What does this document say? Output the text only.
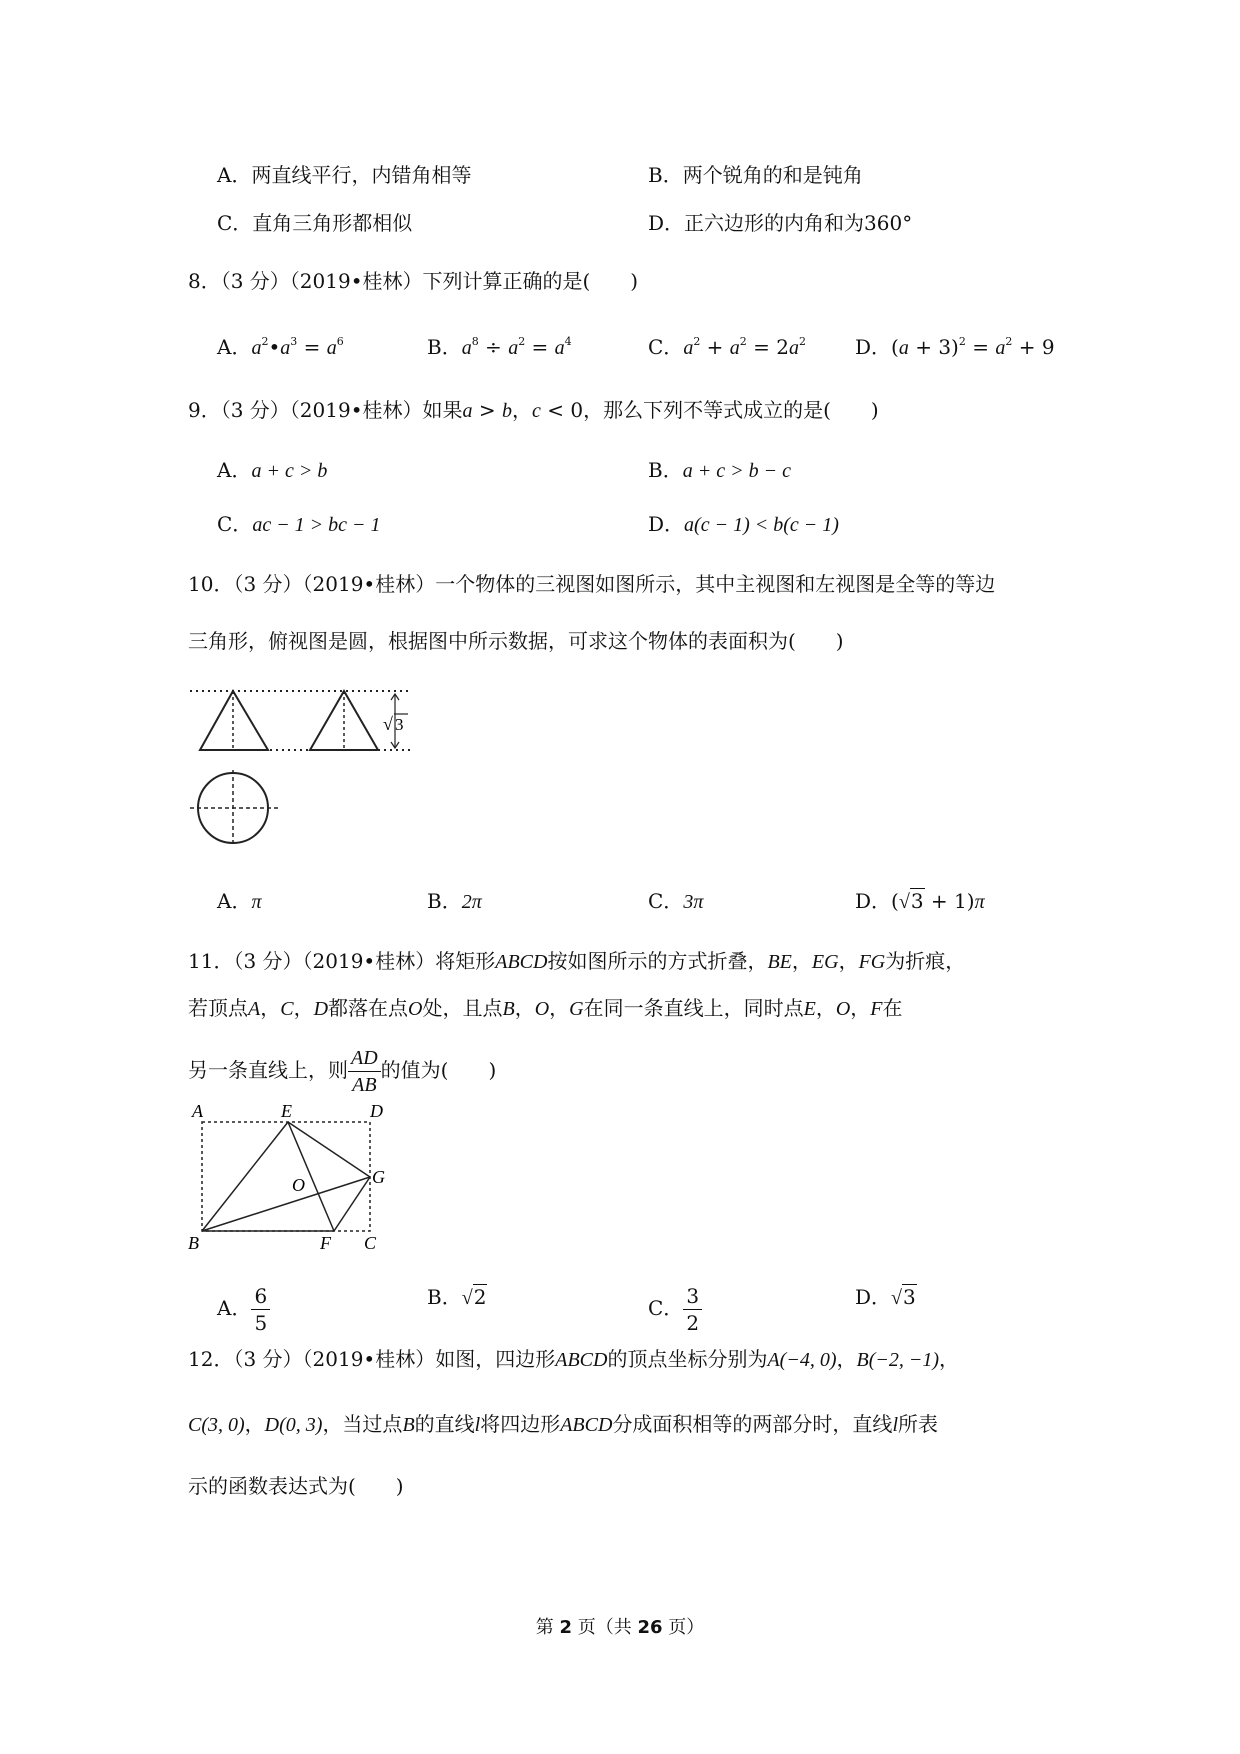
A．两直线平行，内错角相等	B．两个锐角的和是钝角
C．直角三角形都相似	D．正六边形的内角和为360°
8．（3 分）（2019•桂林）下列计算正确的是(　　)
A．$a^2•a^3 = a^6$	B．$a^8 \div a^2 = a^4$	C．$a^2 + a^2 = 2a^2$ D．$(a + 3)^2 = a^2 + 9$
9．（3 分）（2019•桂林）如果a > b，c < 0，那么下列不等式成立的是(　　)
A．a + c > b	B．a + c > b − c
C．ac − 1 > bc − 1	D．a(c − 1) < b(c − 1)
10．（3 分）（2019•桂林）一个物体的三视图如图所示，其中主视图和左视图是全等的等边
三角形，俯视图是圆，根据图中所示数据，可求这个物体的表面积为(　　)
√ 3
A．π	B．2π	C．3π	D．(√3 + 1)π
11．（3 分）（2019•桂林）将矩形ABCD按如图所示的方式折叠，BE，EG，FG为折痕，
若顶点A，C，D都落在点O处，且点B，O，G在同一条直线上，同时点E，O，F在
另一条直线上，则 $\frac{AD}{AB}$ 的值为(　　)
A	E	D
O	G
B	F C
A． $\frac{6}{5}$	B．√2	C． $\frac{3}{2}$	D．√3
12．（3 分）（2019•桂林）如图，四边形ABCD的顶点坐标分别为A(−4, 0)，B(−2, −1)，
C(3, 0)，D(0, 3)，当过点B的直线l将四边形ABCD分成面积相等的两部分时，直线l所表
示的函数表达式为(　　)
第 2 页（共 26 页）
